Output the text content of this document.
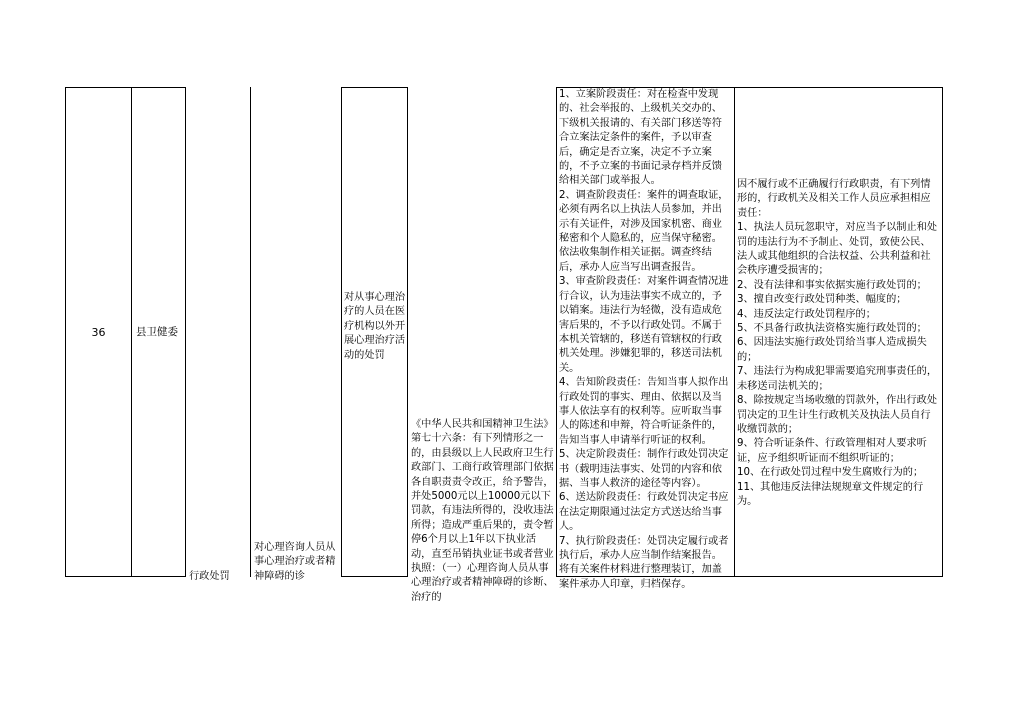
36	县卫健委
行政处罚
对心理咨询人员从事心理治疗或者精神障碍的诊
对从事心理治疗的人员在医疗机构以外开展心理治疗活动的处罚
《中华人民共和国精神卫生法》第七十六条：有下列情形之一的，由县级以上人民政府卫生行政部门、工商行政管理部门依据各自职责责令改正，给予警告，并处5000元以上10000元以下罚款，有违法所得的，没收违法所得；造成严重后果的，责令暂停6个月以上1年以下执业活动，直至吊销执业证书或者营业执照：（一）心理咨询人员从事心理治疗或者精神障碍的诊断、治疗的
1、立案阶段责任：对在检查中发现的、社会举报的、上级机关交办的、下级机关报请的、有关部门移送等符合立案法定条件的案件，予以审查后，确定是否立案，决定不予立案的，不予立案的书面记录存档并反馈给相关部门或举报人。
2、调查阶段责任：案件的调查取证，必须有两名以上执法人员参加，并出示有关证件，对涉及国家机密、商业秘密和个人隐私的，应当保守秘密。依法收集制作相关证据。调查终结后，承办人应当写出调查报告。
3、审查阶段责任：对案件调查情况进行合议，认为违法事实不成立的，予以销案。违法行为轻微，没有造成危害后果的，不予以行政处罚。不属于本机关管辖的，移送有管辖权的行政机关处理。涉嫌犯罪的，移送司法机关。
4、告知阶段责任：告知当事人拟作出行政处罚的事实、理由、依据以及当事人依法享有的权利等。应听取当事人的陈述和申辩，符合听证条件的，告知当事人申请举行听证的权利。
5、决定阶段责任：制作行政处罚决定书（载明违法事实、处罚的内容和依据、当事人救济的途径等内容）。
6、送达阶段责任：行政处罚决定书应在法定期限通过法定方式送达给当事人。
7、执行阶段责任：处罚决定履行或者执行后，承办人应当制作结案报告。将有关案件材料进行整理装订，加盖案件承办人印章，归档保存。
因不履行或不正确履行行政职责，有下列情形的，行政机关及相关工作人员应承担相应责任：
1、执法人员玩忽职守，对应当予以制止和处罚的违法行为不予制止、处罚，致使公民、法人或其他组织的合法权益、公共利益和社会秩序遭受损害的；
2、没有法律和事实依据实施行政处罚的；
3、擅自改变行政处罚种类、幅度的；
4、违反法定行政处罚程序的；
5、不具备行政执法资格实施行政处罚的；
6、因违法实施行政处罚给当事人造成损失的；
7、违法行为构成犯罪需要追究刑事责任的，未移送司法机关的；
8、除按规定当场收缴的罚款外，作出行政处罚决定的卫生计生行政机关及执法人员自行收缴罚款的；
9、符合听证条件、行政管理相对人要求听证，应予组织听证而不组织听证的；
10、在行政处罚过程中发生腐败行为的；
11、其他违反法律法规规章文件规定的行为。
